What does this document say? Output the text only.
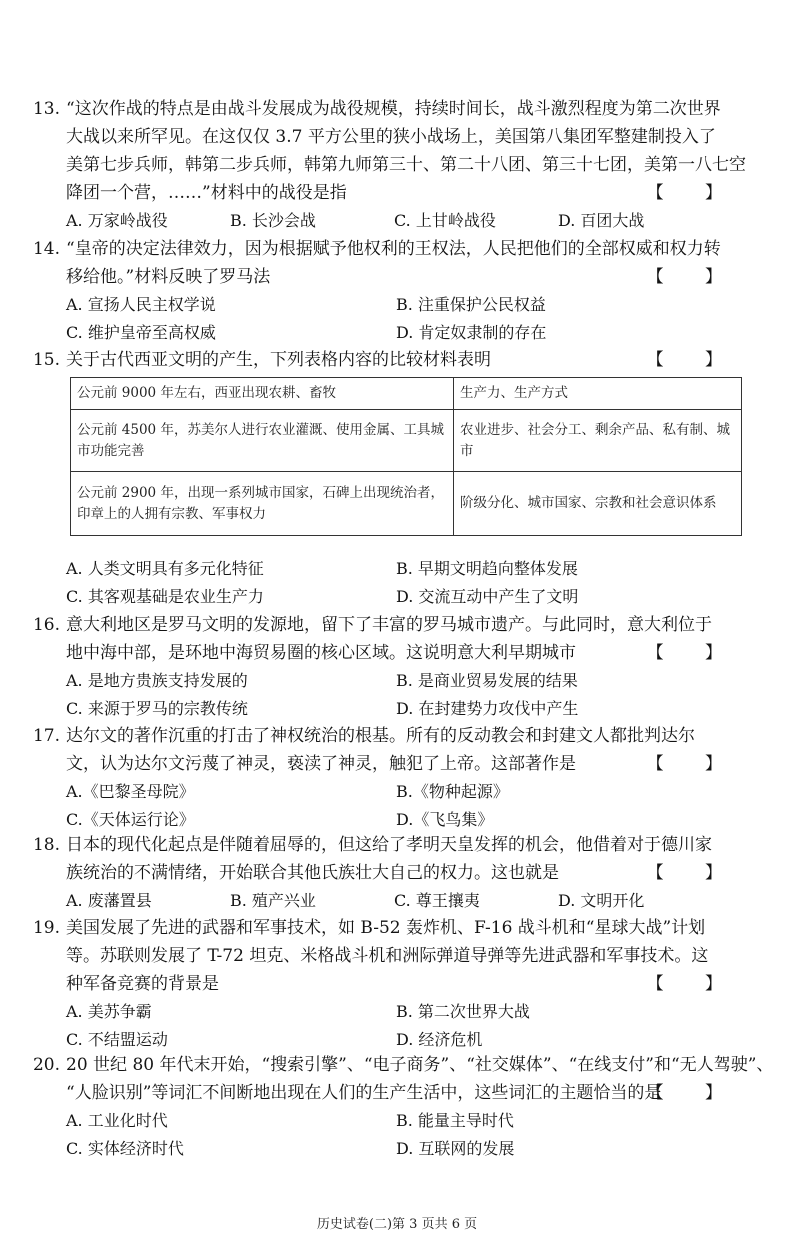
13. “这次作战的特点是由战斗发展成为战役规模，持续时间长，战斗激烈程度为第二次世界
大战以来所罕见。在这仅仅 3.7 平方公里的狭小战场上，美国第八集团军整建制投入了
美第七步兵师，韩第二步兵师，韩第九师第三十、第二十八团、第三十七团，美第一八七空
降团一个营，……”材料中的战役是指	【 】
A. 万家岭战役	B. 长沙会战	C. 上甘岭战役	D. 百团大战
14. “皇帝的决定法律效力，因为根据赋予他权利的王权法，人民把他们的全部权威和权力转
移给他。”材料反映了罗马法	【 】
A. 宣扬人民主权学说	B. 注重保护公民权益
C. 维护皇帝至高权威	D. 肯定奴隶制的存在
15. 关于古代西亚文明的产生，下列表格内容的比较材料表明	【 】
公元前 9000 年左右，西亚出现农耕、畜牧	生产力、生产方式
公元前 4500 年，苏美尔人进行农业灌溉、使用金属、工具城市功能完善	农业进步、社会分工、剩余产品、私有制、城市
公元前 2900 年，出现一系列城市国家，石碑上出现统治者，印章上的人拥有宗教、军事权力	阶级分化、城市国家、宗教和社会意识体系
A. 人类文明具有多元化特征	B. 早期文明趋向整体发展
C. 其客观基础是农业生产力	D. 交流互动中产生了文明
16. 意大利地区是罗马文明的发源地，留下了丰富的罗马城市遗产。与此同时，意大利位于
地中海中部，是环地中海贸易圈的核心区域。这说明意大利早期城市	【 】
A. 是地方贵族支持发展的	B. 是商业贸易发展的结果
C. 来源于罗马的宗教传统	D. 在封建势力攻伐中产生
17. 达尔文的著作沉重的打击了神权统治的根基。所有的反动教会和封建文人都批判达尔
文，认为达尔文污蔑了神灵，亵渎了神灵，触犯了上帝。这部著作是	【 】
A.《巴黎圣母院》	B.《物种起源》
C.《天体运行论》	D.《飞鸟集》
18. 日本的现代化起点是伴随着屈辱的，但这给了孝明天皇发挥的机会，他借着对于德川家
族统治的不满情绪，开始联合其他氏族壮大自己的权力。这也就是	【 】
A. 废藩置县	B. 殖产兴业	C. 尊王攘夷	D. 文明开化
19. 美国发展了先进的武器和军事技术，如 B-52 轰炸机、F-16 战斗机和“星球大战”计划
等。苏联则发展了 T-72 坦克、米格战斗机和洲际弹道导弹等先进武器和军事技术。这
种军备竞赛的背景是	【 】
A. 美苏争霸	B. 第二次世界大战
C. 不结盟运动	D. 经济危机
20. 20 世纪 80 年代末开始，“搜索引擎”、“电子商务”、“社交媒体”、“在线支付”和“无人驾驶”、
“人脸识别”等词汇不间断地出现在人们的生产生活中，这些词汇的主题恰当的是
【 】
A. 工业化时代	B. 能量主导时代
C. 实体经济时代	D. 互联网的发展
历史试卷(二)第 3 页共 6 页
